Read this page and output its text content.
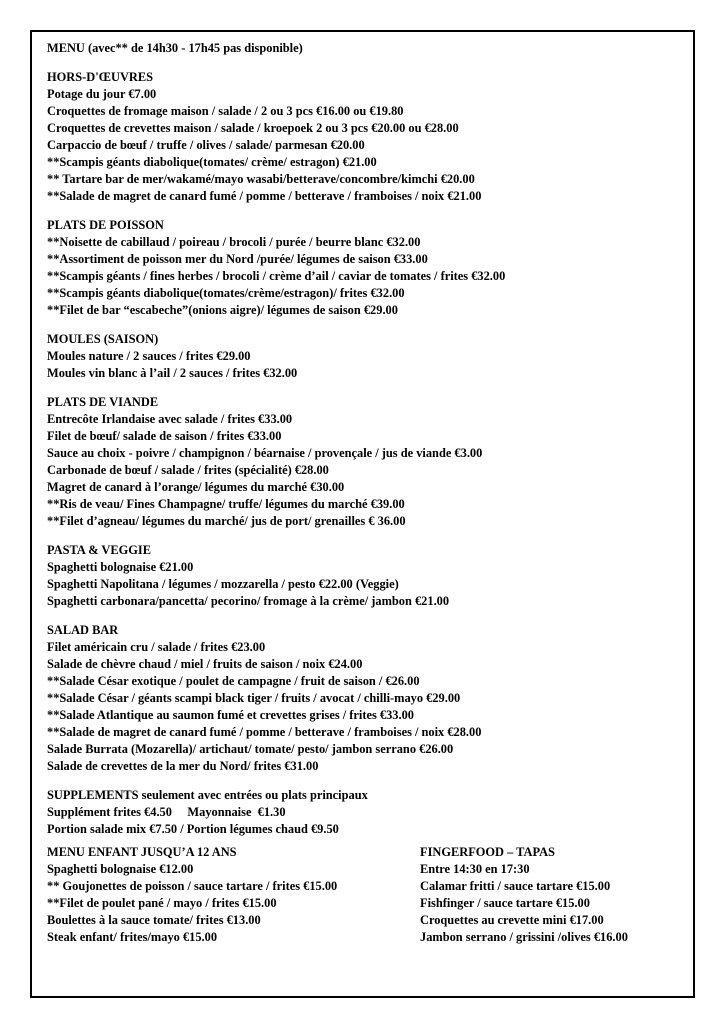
MENU (avec** de 14h30 - 17h45 pas disponible)
HORS-D'ŒUVRES
Potage du jour €7.00
Croquettes de fromage maison / salade / 2 ou 3 pcs €16.00 ou €19.80
Croquettes de crevettes maison / salade / kroepoek 2 ou 3 pcs €20.00 ou €28.00
Carpaccio de bœuf / truffe / olives / salade/ parmesan €20.00
**Scampis géants diabolique(tomates/ crème/ estragon) €21.00
** Tartare bar de mer/wakamé/mayo wasabi/betterave/concombre/kimchi €20.00
**Salade de magret de canard fumé / pomme / betterave / framboises / noix €21.00
PLATS DE POISSON
**Noisette de cabillaud / poireau / brocoli / purée / beurre blanc €32.00
**Assortiment de poisson mer du Nord /purée/ légumes de saison €33.00
**Scampis géants / fines herbes / brocoli / crème d’ail / caviar de tomates / frites €32.00
**Scampis géants diabolique(tomates/crème/estragon)/ frites €32.00
**Filet de bar “escabeche”(onions aigre)/ légumes de saison €29.00
MOULES (SAISON)
Moules nature / 2 sauces / frites €29.00
Moules vin blanc à l’ail / 2 sauces / frites €32.00
PLATS DE VIANDE
Entrecôte Irlandaise avec salade / frites €33.00
Filet de bœuf/ salade de saison / frites €33.00
Sauce au choix - poivre / champignon / béarnaise / provençale / jus de viande €3.00
Carbonade de bœuf / salade / frites (spécialité) €28.00
Magret de canard à l’orange/ légumes du marché €30.00
**Ris de veau/ Fines Champagne/ truffe/ légumes du marché €39.00
**Filet d’agneau/ légumes du marché/ jus de port/ grenailles € 36.00
PASTA & VEGGIE
Spaghetti bolognaise €21.00
Spaghetti Napolitana / légumes / mozzarella / pesto €22.00 (Veggie)
Spaghetti carbonara/pancetta/ pecorino/ fromage à la crème/ jambon €21.00
SALAD BAR
Filet américain cru / salade / frites €23.00
Salade de chèvre chaud / miel / fruits de saison / noix €24.00
**Salade César exotique / poulet de campagne / fruit de saison / €26.00
**Salade César / géants scampi black tiger / fruits / avocat / chilli-mayo €29.00
**Salade Atlantique au saumon fumé et crevettes grises / frites €33.00
**Salade de magret de canard fumé / pomme / betterave / framboises / noix €28.00
Salade Burrata (Mozarella)/ artichaut/ tomate/ pesto/ jambon serrano €26.00
Salade de crevettes de la mer du Nord/ frites €31.00
SUPPLEMENTS seulement avec entrées ou plats principaux
Supplément frites €4.50     Mayonnaise  €1.30
Portion salade mix €7.50 / Portion légumes chaud €9.50
MENU ENFANT JUSQU’A 12 ANS
Spaghetti bolognaise €12.00
** Goujonettes de poisson / sauce tartare / frites €15.00
**Filet de poulet pané / mayo / frites €15.00
Boulettes à la sauce tomate/ frites €13.00
Steak enfant/ frites/mayo €15.00
FINGERFOOD – TAPAS
Entre 14:30 en 17:30
Calamar fritti / sauce tartare €15.00
Fishfinger / sauce tartare €15.00
Croquettes au crevette mini €17.00
Jambon serrano / grissini /olives €16.00
